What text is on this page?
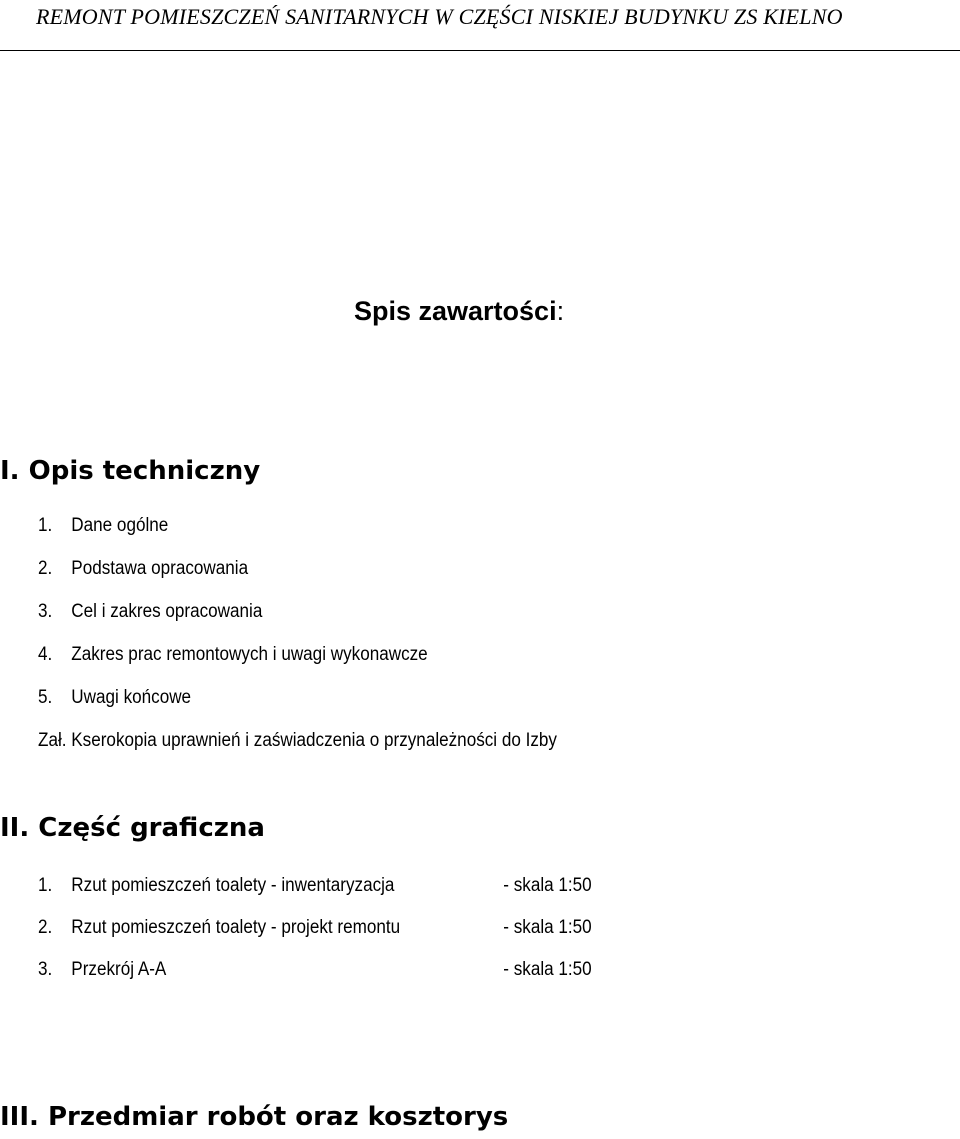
REMONT POMIESZCZEŃ SANITARNYCH W CZĘŚCI NISKIEJ BUDYNKU ZS KIELNO
Spis zawartości:
I. Opis techniczny
1. Dane ogólne
2. Podstawa opracowania
3. Cel i zakres opracowania
4. Zakres prac remontowych i uwagi wykonawcze
5. Uwagi końcowe
Zał. Kserokopia uprawnień i zaświadczenia o przynależności do Izby
II. Część graficzna
1. Rzut pomieszczeń toalety - inwentaryzacja	- skala 1:50
2. Rzut pomieszczeń toalety - projekt remontu	- skala 1:50
3. Przekrój A-A	- skala 1:50
III. Przedmiar robót oraz kosztorys
